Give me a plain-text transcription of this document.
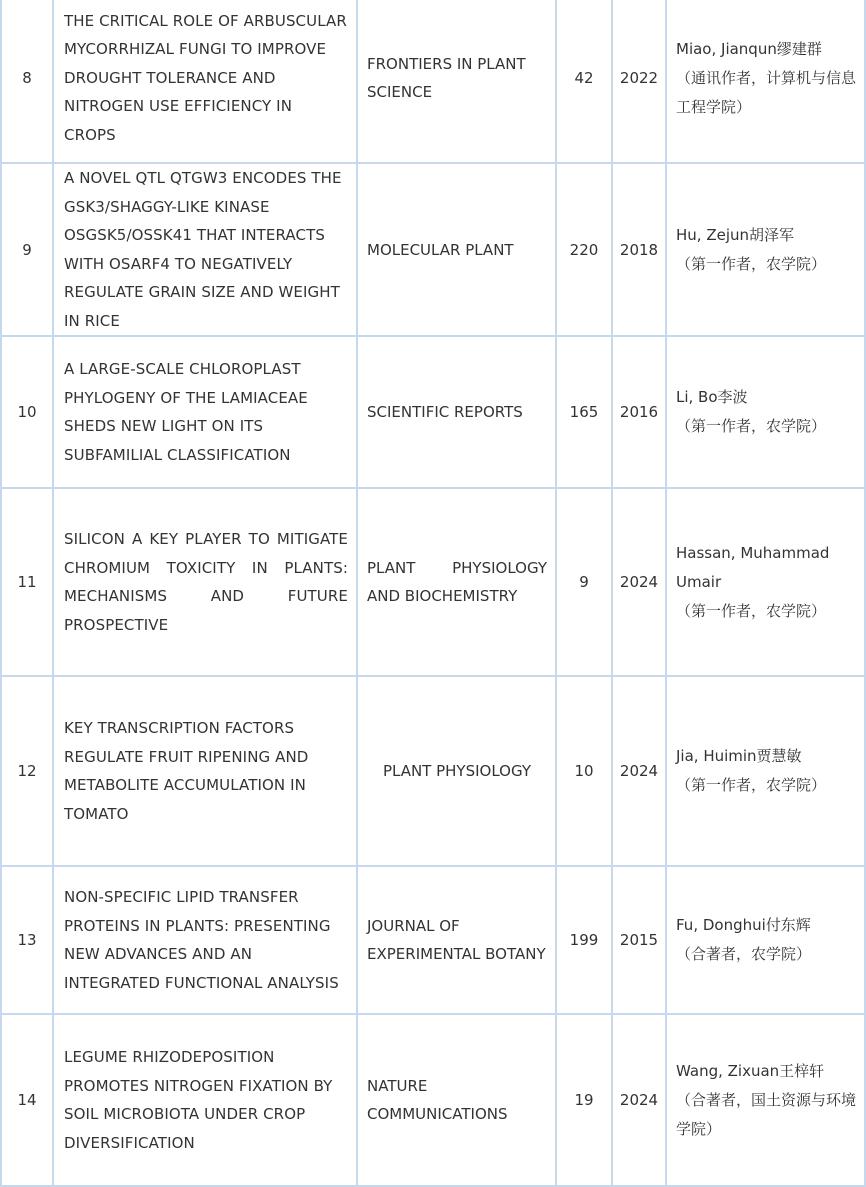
8	THE CRITICAL ROLE OF ARBUSCULAR MYCORRHIZAL FUNGI TO IMPROVE DROUGHT TOLERANCE AND NITROGEN USE EFFICIENCY IN CROPS	FRONTIERS IN PLANT SCIENCE	42	2022	Miao, Jianqun缪建群
（通讯作者，计算机与信息工程学院）

9	A NOVEL QTL QTGW3 ENCODES THE GSK3/SHAGGY-LIKE KINASE OSGSK5/OSSK41 THAT INTERACTS WITH OSARF4 TO NEGATIVELY REGULATE GRAIN SIZE AND WEIGHT IN RICE	MOLECULAR PLANT	220	2018	Hu, Zejun胡泽军
（第一作者，农学院）

10	A LARGE-SCALE CHLOROPLAST PHYLOGENY OF THE LAMIACEAE SHEDS NEW LIGHT ON ITS SUBFAMILIAL CLASSIFICATION	SCIENTIFIC REPORTS	165	2016	Li, Bo李波
（第一作者，农学院）

11	SILICON A KEY PLAYER TO MITIGATE CHROMIUM TOXICITY IN PLANTS: MECHANISMS AND FUTURE PROSPECTIVE	PLANT PHYSIOLOGY AND BIOCHEMISTRY	9	2024	Hassan, Muhammad Umair
（第一作者，农学院）

12	KEY TRANSCRIPTION FACTORS REGULATE FRUIT RIPENING AND METABOLITE ACCUMULATION IN TOMATO	PLANT PHYSIOLOGY	10	2024	Jia, Huimin贾慧敏
（第一作者，农学院）

13	NON-SPECIFIC LIPID TRANSFER PROTEINS IN PLANTS: PRESENTING NEW ADVANCES AND AN INTEGRATED FUNCTIONAL ANALYSIS	JOURNAL OF EXPERIMENTAL BOTANY	199	2015	Fu, Donghui付东辉
（合著者，农学院）

14	LEGUME RHIZODEPOSITION PROMOTES NITROGEN FIXATION BY SOIL MICROBIOTA UNDER CROP DIVERSIFICATION	NATURE COMMUNICATIONS	19	2024	Wang, Zixuan王梓轩 （合著者，国土资源与环境学院）
